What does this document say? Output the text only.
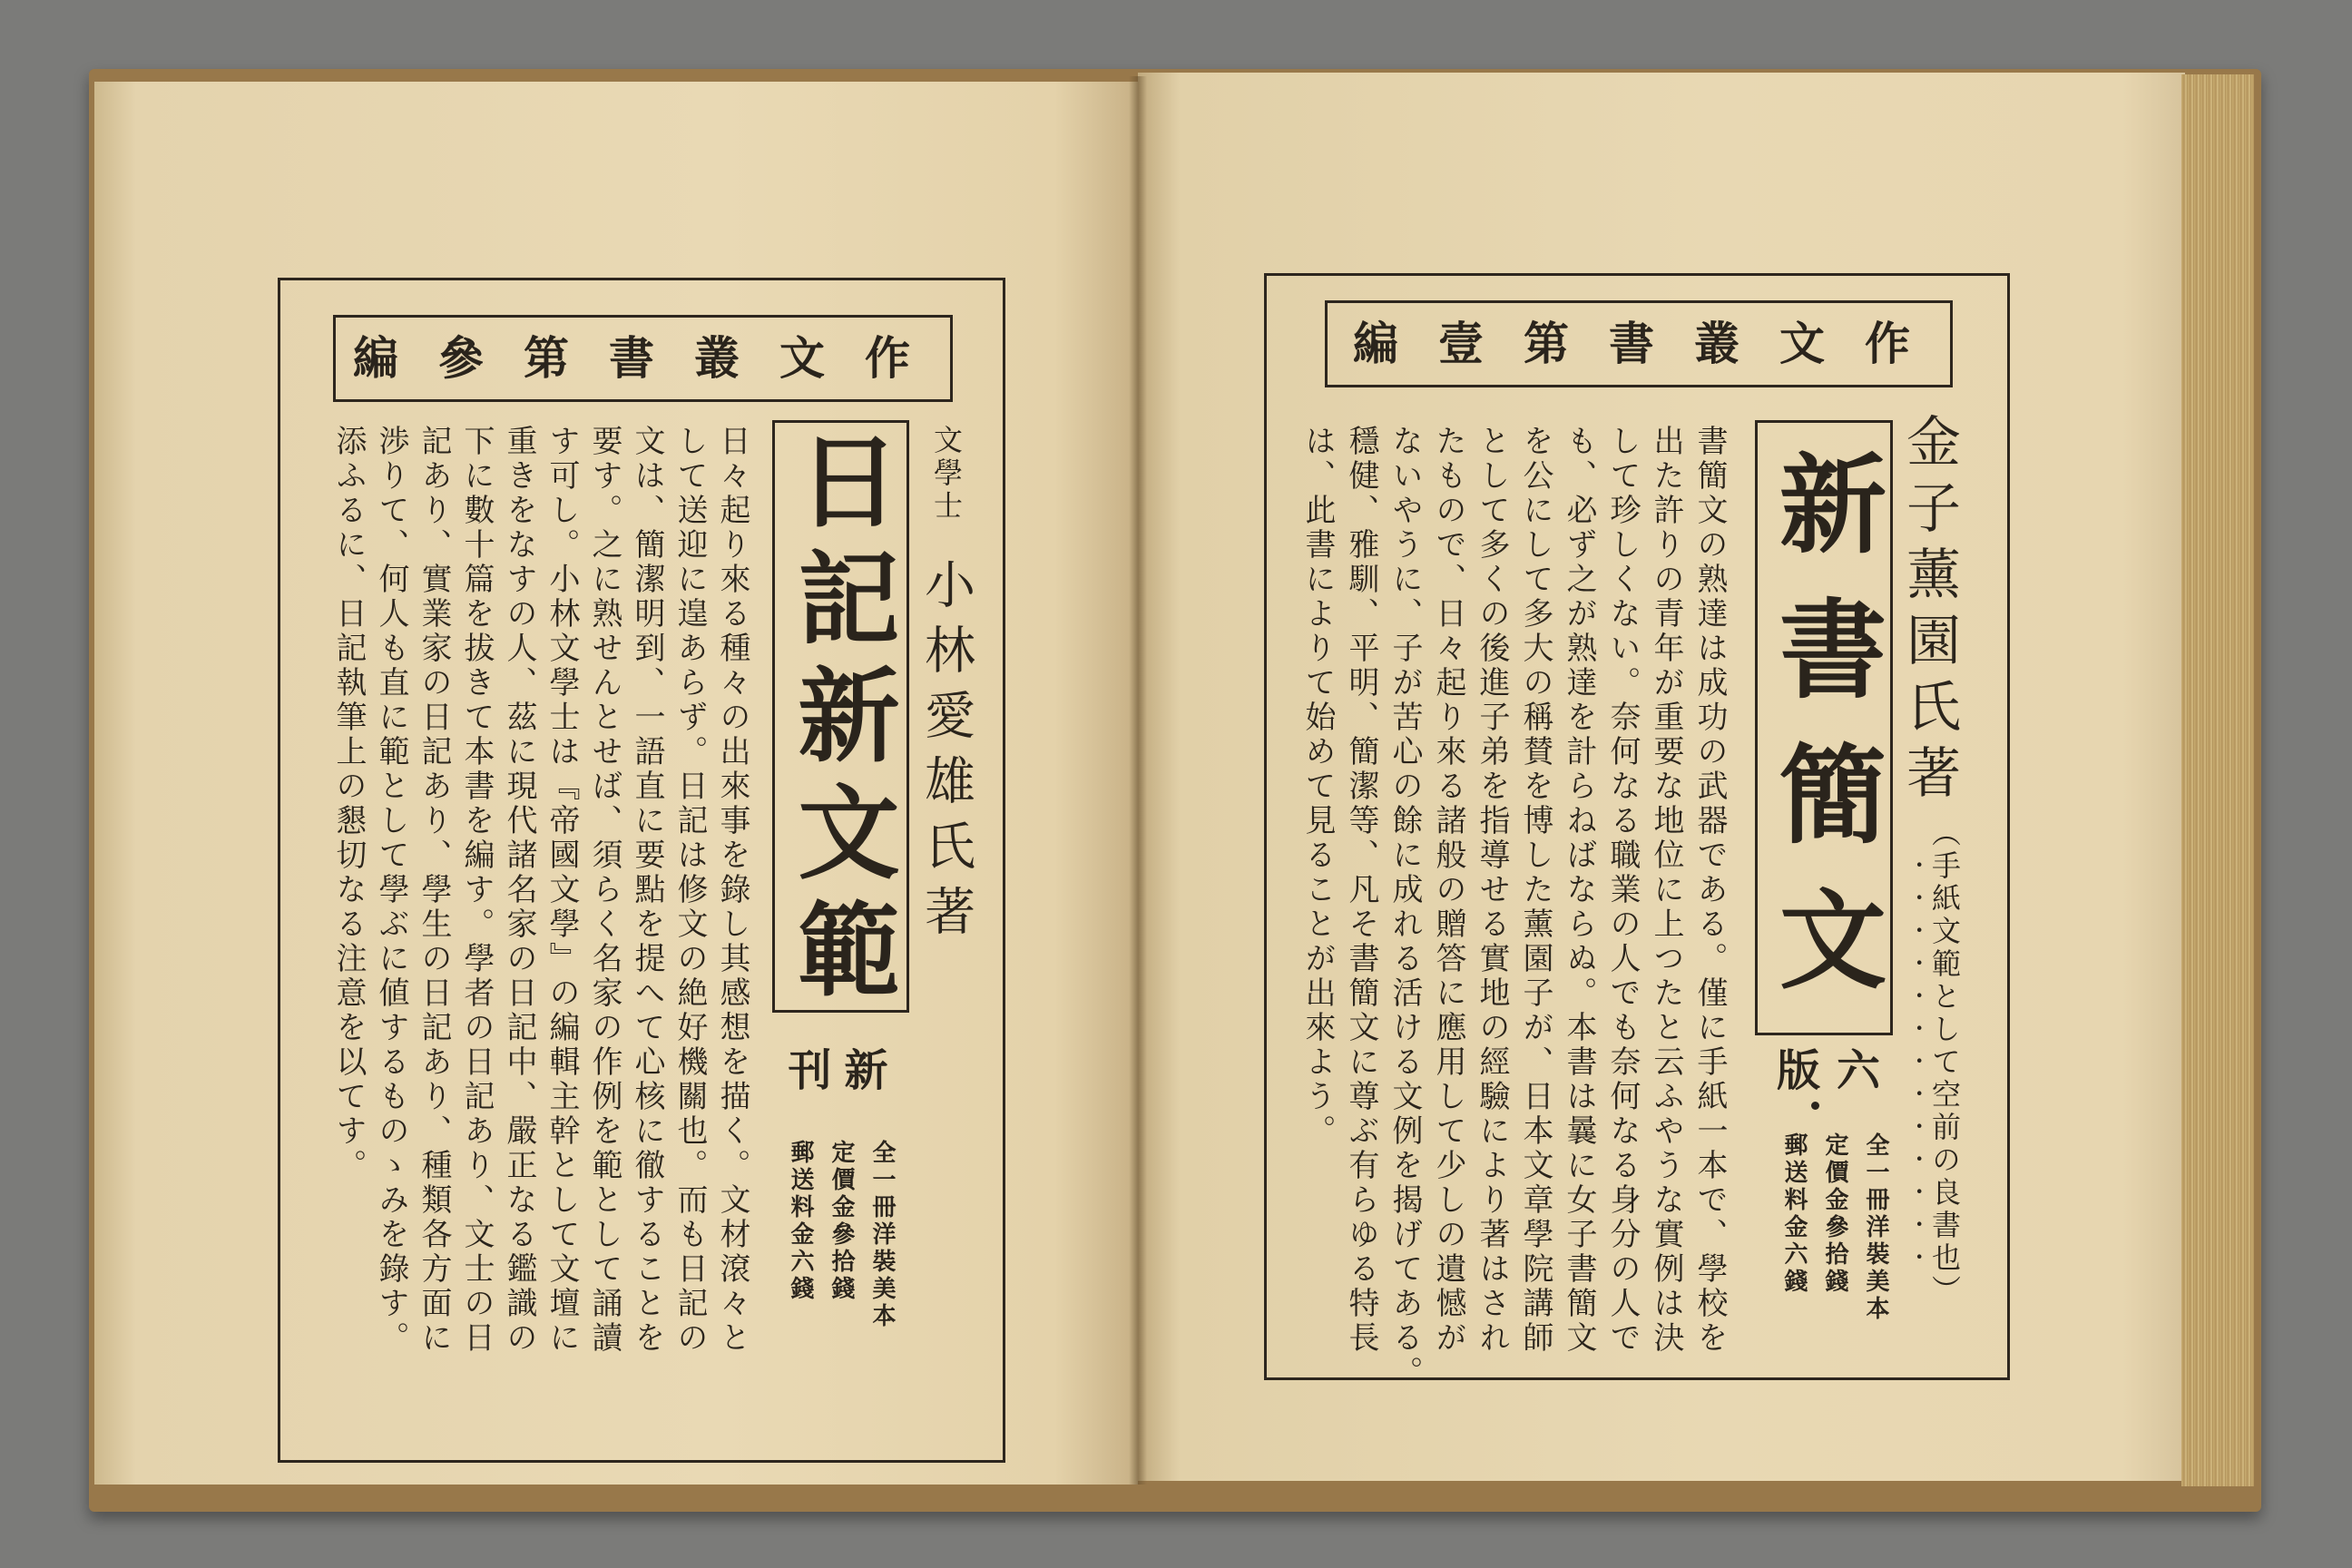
作文叢書第參編
文學士
小林愛雄氏著
日記新文範
新刊
全一冊洋裝美本
定價金參拾錢
郵送料金六錢
日々起り來る種々の出來事を錄し其感想を描く。文材滾々と
して送迎に遑あらず。日記は修文の絶好機關也。而も日記の
文は、簡潔明到、一語直に要點を提へて心核に徹することを
要す。之に熟せんとせば、須らく名家の作例を範として誦讀
す可し。小林文學士は『帝國文學』の編輯主幹として文壇に
重きをなすの人、茲に現代諸名家の日記中、嚴正なる鑑識の
下に數十篇を拔きて本書を編す。學者の日記あり、文士の日
記あり、實業家の日記あり、學生の日記あり、種類各方面に
渉りて、何人も直に範として學ぶに値するものゝみを錄す。
添ふるに、日記執筆上の懇切なる注意を以てす。
作文叢書第壹編
金子薰園氏著
（手紙文範として空前の良書也）
新書簡文
六版
全一冊洋裝美本
定價金參拾錢
郵送料金六錢
書簡文の熟達は成功の武器である。僅に手紙一本で、學校を
出た許りの青年が重要な地位に上つたと云ふやうな實例は決
して珍しくない。奈何なる職業の人でも奈何なる身分の人で
も、必ず之が熟達を計らねばならぬ。本書は曩に女子書簡文
を公にして多大の稱賛を博した薰園子が、日本文章學院講師
として多くの後進子弟を指導せる實地の經驗により著はされ
たもので、日々起り來る諸般の贈答に應用して少しの遺憾が
ないやうに、子が苦心の餘に成れる活ける文例を揭げてある。
穩健、雅馴、平明、簡潔等、凡そ書簡文に尊ぶ有らゆる特長
は、此書によりて始めて見ることが出來よう。
